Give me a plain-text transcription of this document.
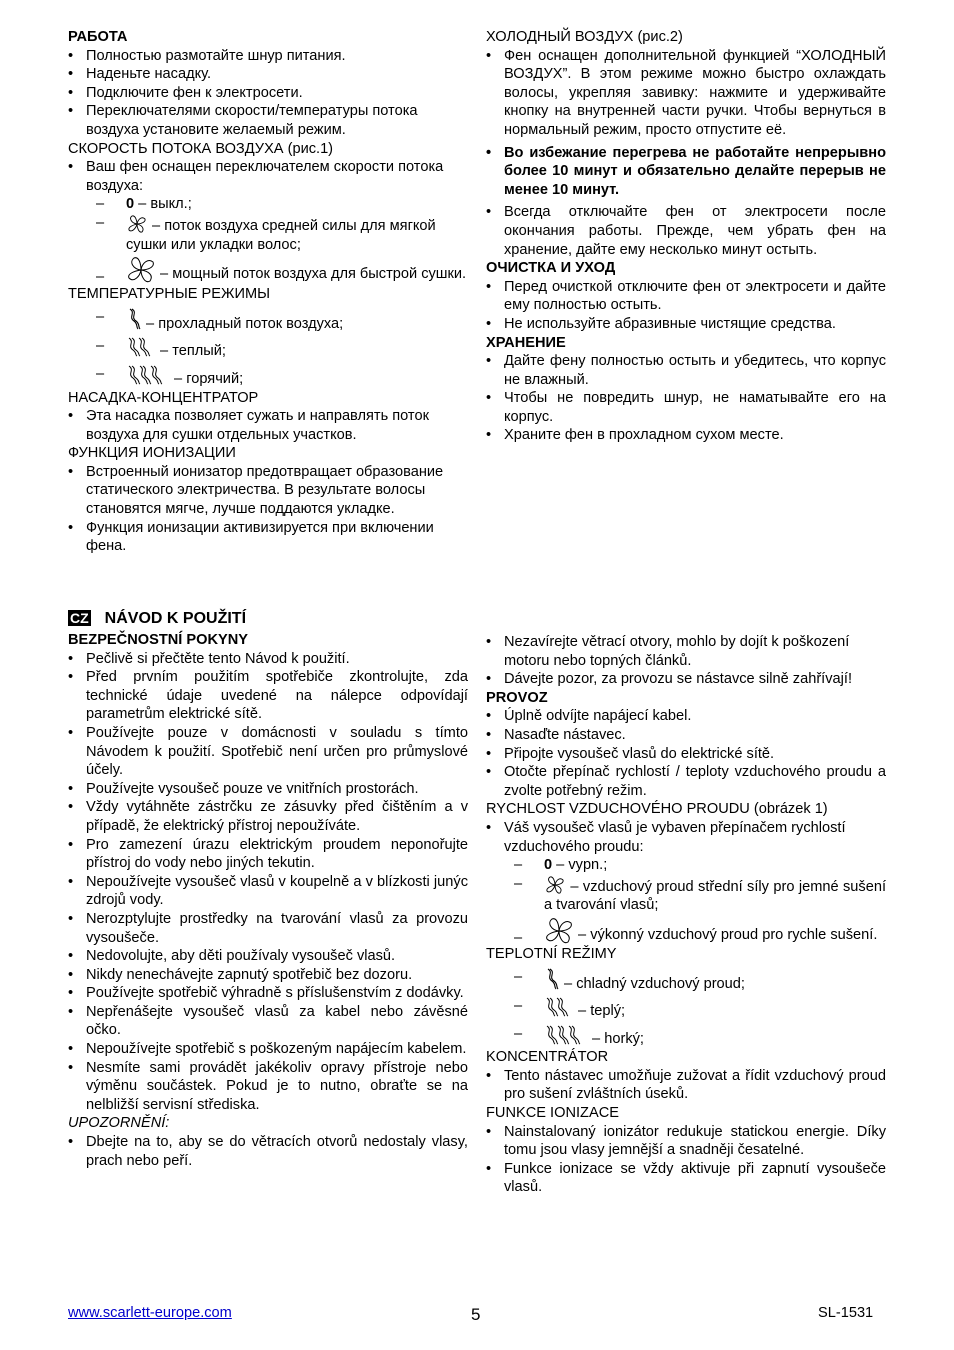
РАБОТА

• Полностью размотайте шнур питания.
• Наденьте насадку.
• Подключите фен к электросети.
• Переключателями скорости/температуры потока воздуха установите желаемый режим.

СКОРОСТЬ ПОТОКА ВОЗДУХА (рис.1)

• Ваш фен оснащен переключателем скорости потока воздуха:
– 0 – выкл.;
–	– поток воздуха средней силы для мягкой сушки или укладки волос;
–	– мощный поток воздуха для быстрой сушки.

ТЕМПЕРАТУРНЫЕ РЕЖИМЫ

–	– прохладный поток воздуха;
–	– теплый;
–	– горячий;

НАСАДКА-КОНЦЕНТРАТОР

• Эта насадка позволяет сужать и направлять поток воздуха для сушки отдельных участков.

ФУНКЦИЯ ИОНИЗАЦИИ

• Встроенный ионизатор предотвращает образование статического электричества. В результате волосы становятся мягче, лучше поддаются укладке.
• Функция ионизации активизируется при включении фена.

ХОЛОДНЫЙ ВОЗДУХ (рис.2)

• Фен оснащен дополнительной функцией “ХОЛОДНЫЙ ВОЗДУХ”. В этом режиме можно быстро охлаждать волосы, укрепляя завивку: нажмите и удерживайте кнопку на внутренней части ручки. Чтобы вернуться в нормальный режим, просто отпустите её.
• Во избежание перегрева не работайте непрерывно более 10 минут и обязательно делайте перерыв не менее 10 минут.
• Всегда отключайте фен от электросети после окончания работы. Прежде, чем убрать фен на хранение, дайте ему несколько минут остыть.

ОЧИСТКА И УХОД

• Перед очисткой отключите фен от электросети и дайте ему полностью остыть.
• Не используйте абразивные чистящие средства.

ХРАНЕНИЕ

• Дайте фену полностью остыть и убедитесь, что корпус не влажный.
• Чтобы не повредить шнур, не наматывайте его на корпус.
• Храните фен в прохладном сухом месте.
CZ NÁVOD K POUŽITÍ

BEZPEČNOSTNÍ POKYNY

• Pečlivě si přečtěte tento Návod k použití.
• Před prvním použitím spotřebiče zkontrolujte, zda technické údaje uvedené na nálepce odpovídají parametrům elektrické sítě.
• Používejte pouze v domácnosti v souladu s tímto Návodem k použití. Spotřebič není určen pro průmyslové účely.
• Používejte vysoušeč pouze ve vnitřních prostorách.
• Vždy vytáhněte zástrčku ze zásuvky před čištěním a v případě, že elektrický přístroj nepoužíváte.
• Pro zamezení úrazu elektrickým proudem neponořujte přístroj do vody nebo jiných tekutin.
• Nepoužívejte vysoušeč vlasů v koupelně a v blízkosti junýc zdrojů vody.
• Nerozptylujte prostředky na tvarování vlasů za provozu vysoušeče.
• Nedovolujte, aby děti používaly vysoušeč vlasů.
• Nikdy nenechávejte zapnutý spotřebič bez dozoru.
• Používejte spotřebič výhradně s příslušenstvím z dodávky.
• Nepřenášejte vysoušeč vlasů za kabel nebo závěsné očko.
• Nepoužívejte spotřebič s poškozeným napájecím kabelem.
• Nesmíte sami provádět jakékoliv opravy přístroje nebo výměnu součástek. Pokud je to nutno, obraťte se na nelbližší servisní střediska.

UPOZORNĚNÍ:

• Dbejte na to, aby se do větracích otvorů nedostaly vlasy, prach nebo peří.
• Nezavírejte větrací otvory, mohlo by dojít k poškození motoru nebo topných článků.
• Dávejte pozor, za provozu se nástavce silně zahřívají!

PROVOZ

• Úplně odvíjte napájecí kabel.
• Nasaďte nástavec.
• Připojte vysoušeč vlasů do elektrické sítě.
• Otočte přepínač rychlostí / teploty vzduchového proudu a zvolte potřebný režim.

RYCHLOST VZDUCHOVÉHO PROUDU (obrázek 1)

• Váš vysoušeč vlasů je vybaven přepínačem rychlostí vzduchového proudu:
– 0 – vypn.;
–	– vzduchový proud střední síly pro jemné sušení a tvarování vlasů;
–	– výkonný vzduchový proud pro rychle sušení.

TEPLOTNÍ REŽIMY

–	– chladný vzduchový proud;
–	– teplý;
–	– horký;

KONCENTRÁTOR

• Tento nástavec umožňuje zužovat a řídit vzduchový proud pro sušení zvláštních úseků.

FUNKCE IONIZACE

• Nainstalovaný ionizátor redukuje statickou energie. Díky tomu jsou vlasy jemnější a snadněji česatelné.
• Funkce ionizace se vždy aktivuje při zapnutí vysoušeče vlasů.
www.scarlett-europe.com	5	SL-1531
